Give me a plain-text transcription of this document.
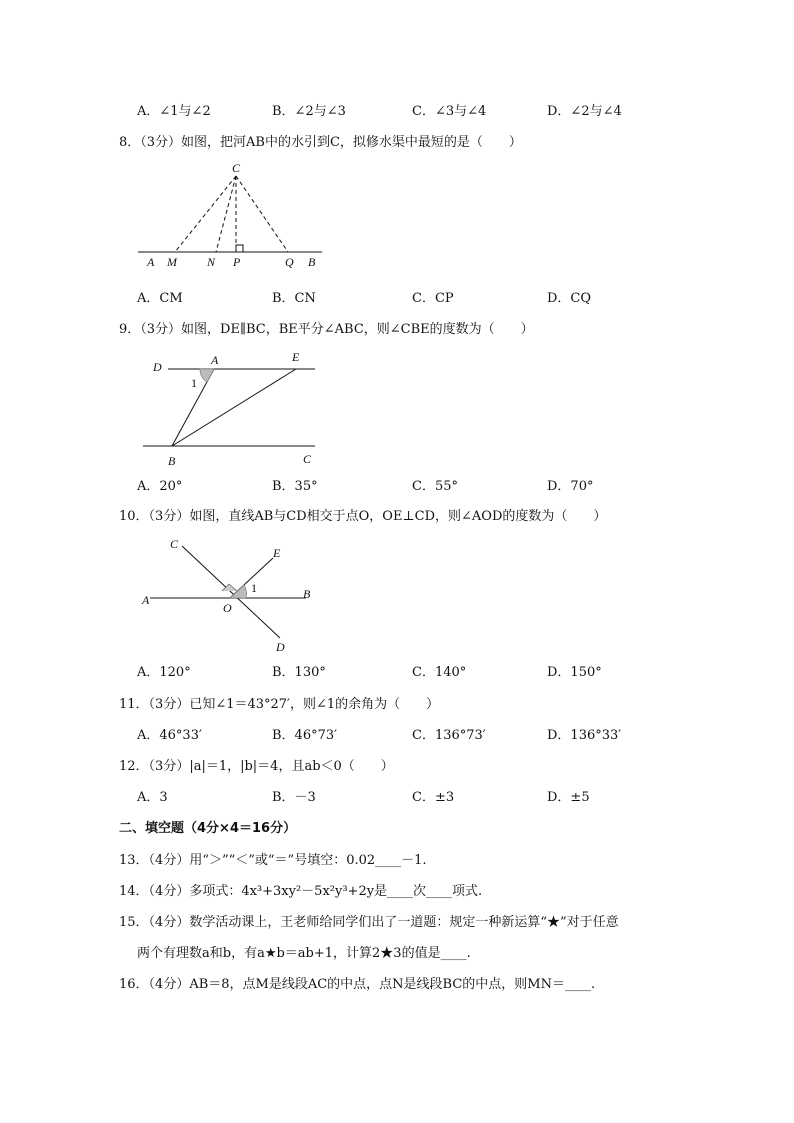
A．∠1与∠2	B．∠2与∠3	C．∠3与∠4	D．∠2与∠4
8．（3分）如图，把河AB中的水引到C，拟修水渠中最短的是（　　）
C
A M	N P	Q B
A．CM	B．CN	C．CP	D．CQ
9．（3分）如图，DE∥BC，BE平分∠ABC，则∠CBE的度数为（　　）
D	A	E
1
B	C
A．20°	B．35°	C．55°	D．70°
10．（3分）如图，直线AB与CD相交于点O，OE⊥CD，则∠AOD的度数为（　　）
C
E
1
A
O
B
D
A．120°	B．130°	C．140°	D．150°
11．（3分）已知∠1＝43°27′，则∠1的余角为（　　）
A．46°33′	B．46°73′	C．136°73′	D．136°33′
12．（3分）|a|＝1，|b|＝4，且ab＜0（　　）
A．3	B．－3	C．±3	D．±5
二、填空题（4分×4＝16分）
13．（4分）用“＞”“＜”或“＝”号填空：0.02____－1.
14．（4分）多项式：4x³+3xy²－5x²y³+2y是____次____项式.
15．（4分）数学活动课上，王老师给同学们出了一道题：规定一种新运算“★”对于任意
两个有理数a和b，有a★b＝ab+1，计算2★3的值是____.
16．（4分）AB＝8，点M是线段AC的中点，点N是线段BC的中点，则MN＝____.
